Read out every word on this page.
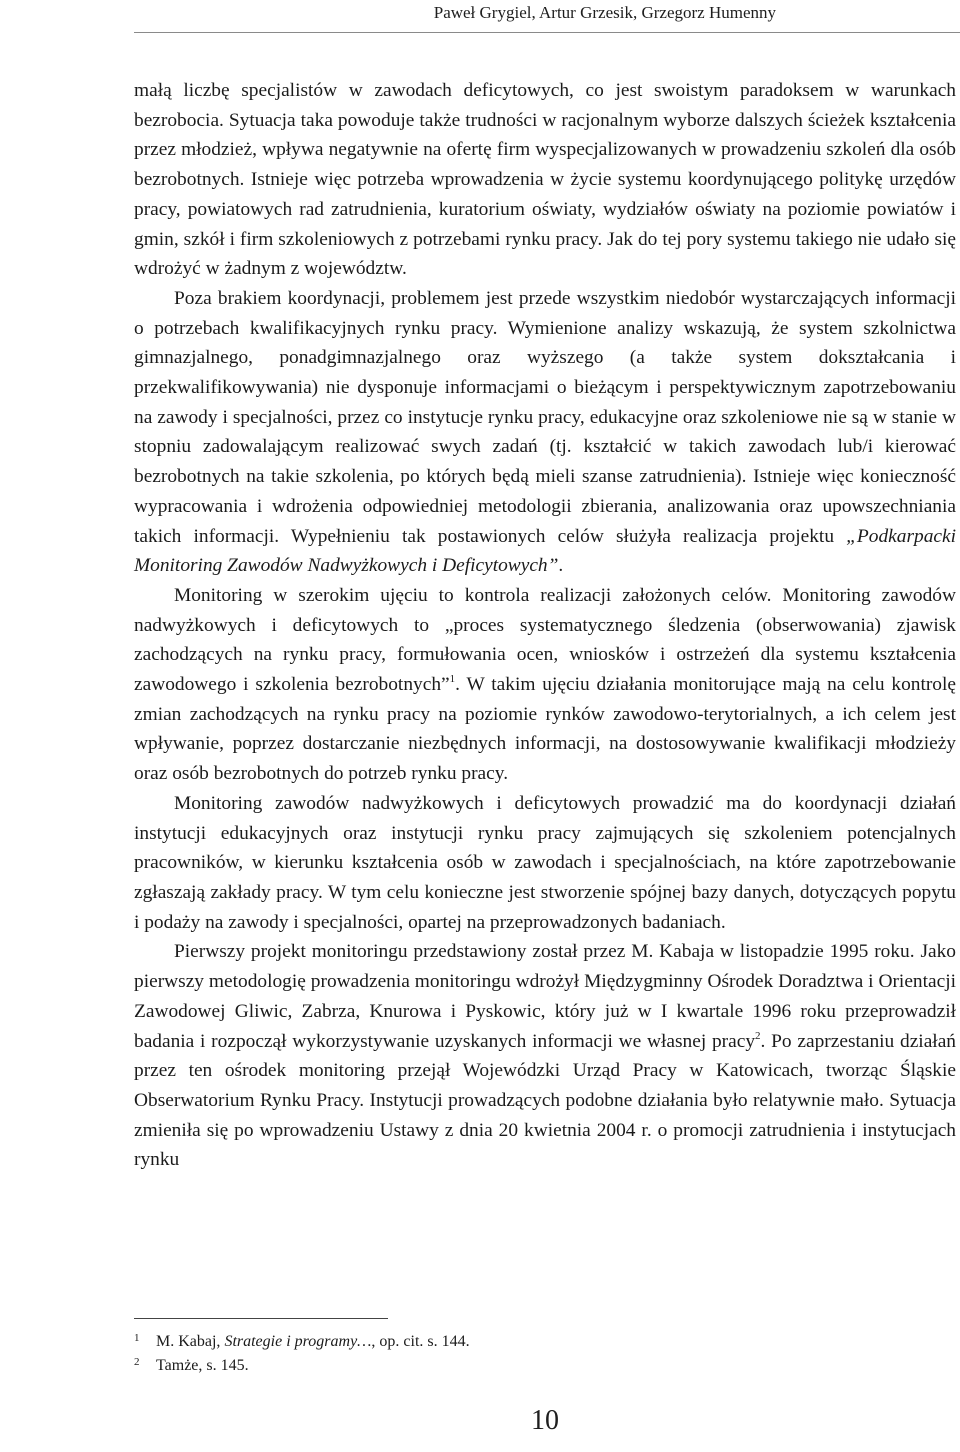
Paweł Grygiel, Artur Grzesik, Grzegorz Humenny

małą liczbę specjalistów w zawodach deficytowych, co jest swoistym paradoksem w warunkach bezrobocia. Sytuacja taka powoduje także trudności w racjonalnym wyborze dalszych ścieżek kształcenia przez młodzież, wpływa negatywnie na ofertę firm wyspecjalizowanych w prowadzeniu szkoleń dla osób bezrobotnych. Istnieje więc potrzeba wprowadzenia w życie systemu koordynującego politykę urzędów pracy, powiatowych rad zatrudnienia, kuratorium oświaty, wydziałów oświaty na poziomie powiatów i gmin, szkół i firm szkoleniowych z potrzebami rynku pracy. Jak do tej pory systemu takiego nie udało się wdrożyć w żadnym z województw.

Poza brakiem koordynacji, problemem jest przede wszystkim niedobór wystarczających informacji o potrzebach kwalifikacyjnych rynku pracy. Wymienione analizy wskazują, że system szkolnictwa gimnazjalnego, ponadgimnazjalnego oraz wyższego (a także system dokształcania i przekwalifikowywania) nie dysponuje informacjami o bieżącym i perspektywicznym zapotrzebowaniu na zawody i specjalności, przez co instytucje rynku pracy, edukacyjne oraz szkoleniowe nie są w stanie w stopniu zadowalającym realizować swych zadań (tj. kształcić w takich zawodach lub/i kierować bezrobotnych na takie szkolenia, po których będą mieli szanse zatrudnienia). Istnieje więc konieczność wypracowania i wdrożenia odpowiedniej metodologii zbierania, analizowania oraz upowszechniania takich informacji. Wypełnieniu tak postawionych celów służyła realizacja projektu „Podkarpacki Monitoring Zawodów Nadwyżkowych i Deficytowych”.

Monitoring w szerokim ujęciu to kontrola realizacji założonych celów. Monitoring zawodów nadwyżkowych i deficytowych to „proces systematycznego śledzenia (obserwowania) zjawisk zachodzących na rynku pracy, formułowania ocen, wniosków i ostrzeżeń dla systemu kształcenia zawodowego i szkolenia bezrobotnych”$^1$. W takim ujęciu działania monitorujące mają na celu kontrolę zmian zachodzących na rynku pracy na poziomie rynków zawodowo-terytorialnych, a ich celem jest wpływanie, poprzez dostarczanie niezbędnych informacji, na dostosowywanie kwalifikacji młodzieży oraz osób bezrobotnych do potrzeb rynku pracy.

Monitoring zawodów nadwyżkowych i deficytowych prowadzić ma do koordynacji działań instytucji edukacyjnych oraz instytucji rynku pracy zajmujących się szkoleniem potencjalnych pracowników, w kierunku kształcenia osób w zawodach i specjalnościach, na które zapotrzebowanie zgłaszają zakłady pracy. W tym celu konieczne jest stworzenie spójnej bazy danych, dotyczących popytu i podaży na zawody i specjalności, opartej na przeprowadzonych badaniach.

Pierwszy projekt monitoringu przedstawiony został przez M. Kabaja w listopadzie 1995 roku. Jako pierwszy metodologię prowadzenia monitoringu wdrożył Międzygminny Ośrodek Doradztwa i Orientacji Zawodowej Gliwic, Zabrza, Knurowa i Pyskowic, który już w I kwartale 1996 roku przeprowadził badania i rozpoczął wykorzystywanie uzyskanych informacji we własnej pracy$^2$. Po zaprzestaniu działań przez ten ośrodek monitoring przejął Wojewódzki Urząd Pracy w Katowicach, tworząc Śląskie Obserwatorium Rynku Pracy. Instytucji prowadzących podobne działania było relatywnie mało. Sytuacja zmieniła się po wprowadzeniu Ustawy z dnia 20 kwietnia 2004 r. o promocji zatrudnienia i instytucjach rynku

1 M. Kabaj, Strategie i programy…, op. cit. s. 144.
2 Tamże, s. 145.
10
